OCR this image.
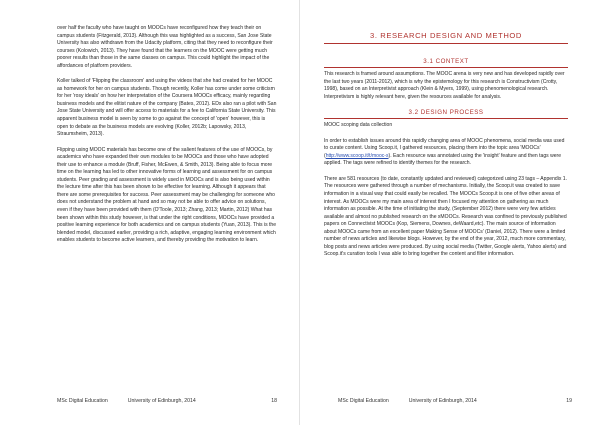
over half the faculty who have taught on MOOCs have reconfigured how they teach their on campus students (Fitzgerald, 2013). Although this was highlighted as a success, San Jose State University has also withdrawn from the Udacity platform, citing that they need to reconfigure their courses (Kolowich, 2013). They have found that the learners on the MOOC were getting much poorer results than those in the same classes on campus. This could highlight the impact of the affordances of platform providers.

Koller talked of 'Flipping the classroom' and using the videos that she had created for her MOOC as homework for her on campus students. Though recently, Koller has come under some criticism for her 'rosy ideals' on how her interpretation of the Coursera MOOCs efficacy, mainly regarding business models and the elitist nature of the company (Bates, 2012). EDx also ran a pilot with San Jose State University and will offer access to materials for a fee to California State University. This apparent business model is seen by some to go against the concept of 'open' however, this is open to debate as the business models are evolving (Koller, 2012b; Lapowsky, 2013, Straumsheim, 2013).

Flipping using MOOC materials has become one of the salient features of the use of MOOCs, by academics who have expanded their own modules to be MOOCs and those who have adopted their use to enhance a module (Bruff, Fisher, McEwen, & Smith, 2013). Being able to focus more time on the learning has led to other innovative forms of learning and assessment for on campus students. Peer grading and assessment is widely used in MOOCs and is also being used within the lecture time after this has been shown to be effective for learning. Although it appears that there are some prerequisites for success. Peer assessment may be challenging for someone who does not understand the problem at hand and so may not be able to offer advice on solutions, even if they have been provided with them (O'Toole, 2013; Zhang, 2013; Martin, 2012) What has been shown within this study however, is that under the right conditions, MOOCs have provided a positive learning experience for both academics and on campus students (Yuan, 2013). This is the blended model, discussed earlier, providing a rich, adaptive, engaging learning environment which enables students to become active learners, and thereby providing the motivation to learn.

MSc Digital Education	University of Edinburgh, 2014	18
3. RESEARCH DESIGN AND METHOD
3.1 CONTEXT

This research is framed around assumptions. The MOOC arena is very new and has developed rapidly over the last two years (2011-2012), which is why the epistemology for this research is Constructivism (Crotty, 1998), based on an Interpretivist approach (Klein & Myers, 1999), using phenomenological research. Interpretivism is highly relevant here, given the resources available for analysis.

3.2 DESIGN PROCESS

MOOC scoping data collection

In order to establish issues around this rapidly changing area of MOOC phenomena, social media was used to curate content. Using Scoop.it, I gathered resources, placing them into the topic area 'MOOCs' (http://www.scoop.it/t/mooc-s). Each resource was annotated using the 'insight' feature and then tags were applied. The tags were refined to identify themes for the research.

There are 581 resources (to date, constantly updated and reviewed) categorized using 23 tags – Appendix 1. The resources were gathered through a number of mechanisms. Initially, the Scoop.it was created to save information in a visual way that could easily be recalled. The MOOCs Scoop.it is one of five other areas of interest. As MOOCs were my main area of interest then I focused my attention on gathering as much information as possible. At the time of initiating the study, (September 2012) there were very few articles available and almost no published research on the xMOOCs. Research was confined to previously published papers on Connectivist MOOCs (Kop, Siemens, Downes, deWaard,etc). The main source of information about MOOCs came from an excellent paper Making Sense of MOOCs' (Daniel, 2012). There were a limited number of news articles and likewise blogs. However, by the end of the year, 2012, much more commentary, blog posts and news articles were produced. By using social media (Twitter, Google alerts, Yahoo alerts) and Scoop.it's curation tools I was able to bring together the content and filter information.

MSc Digital Education	University of Edinburgh, 2014	19
